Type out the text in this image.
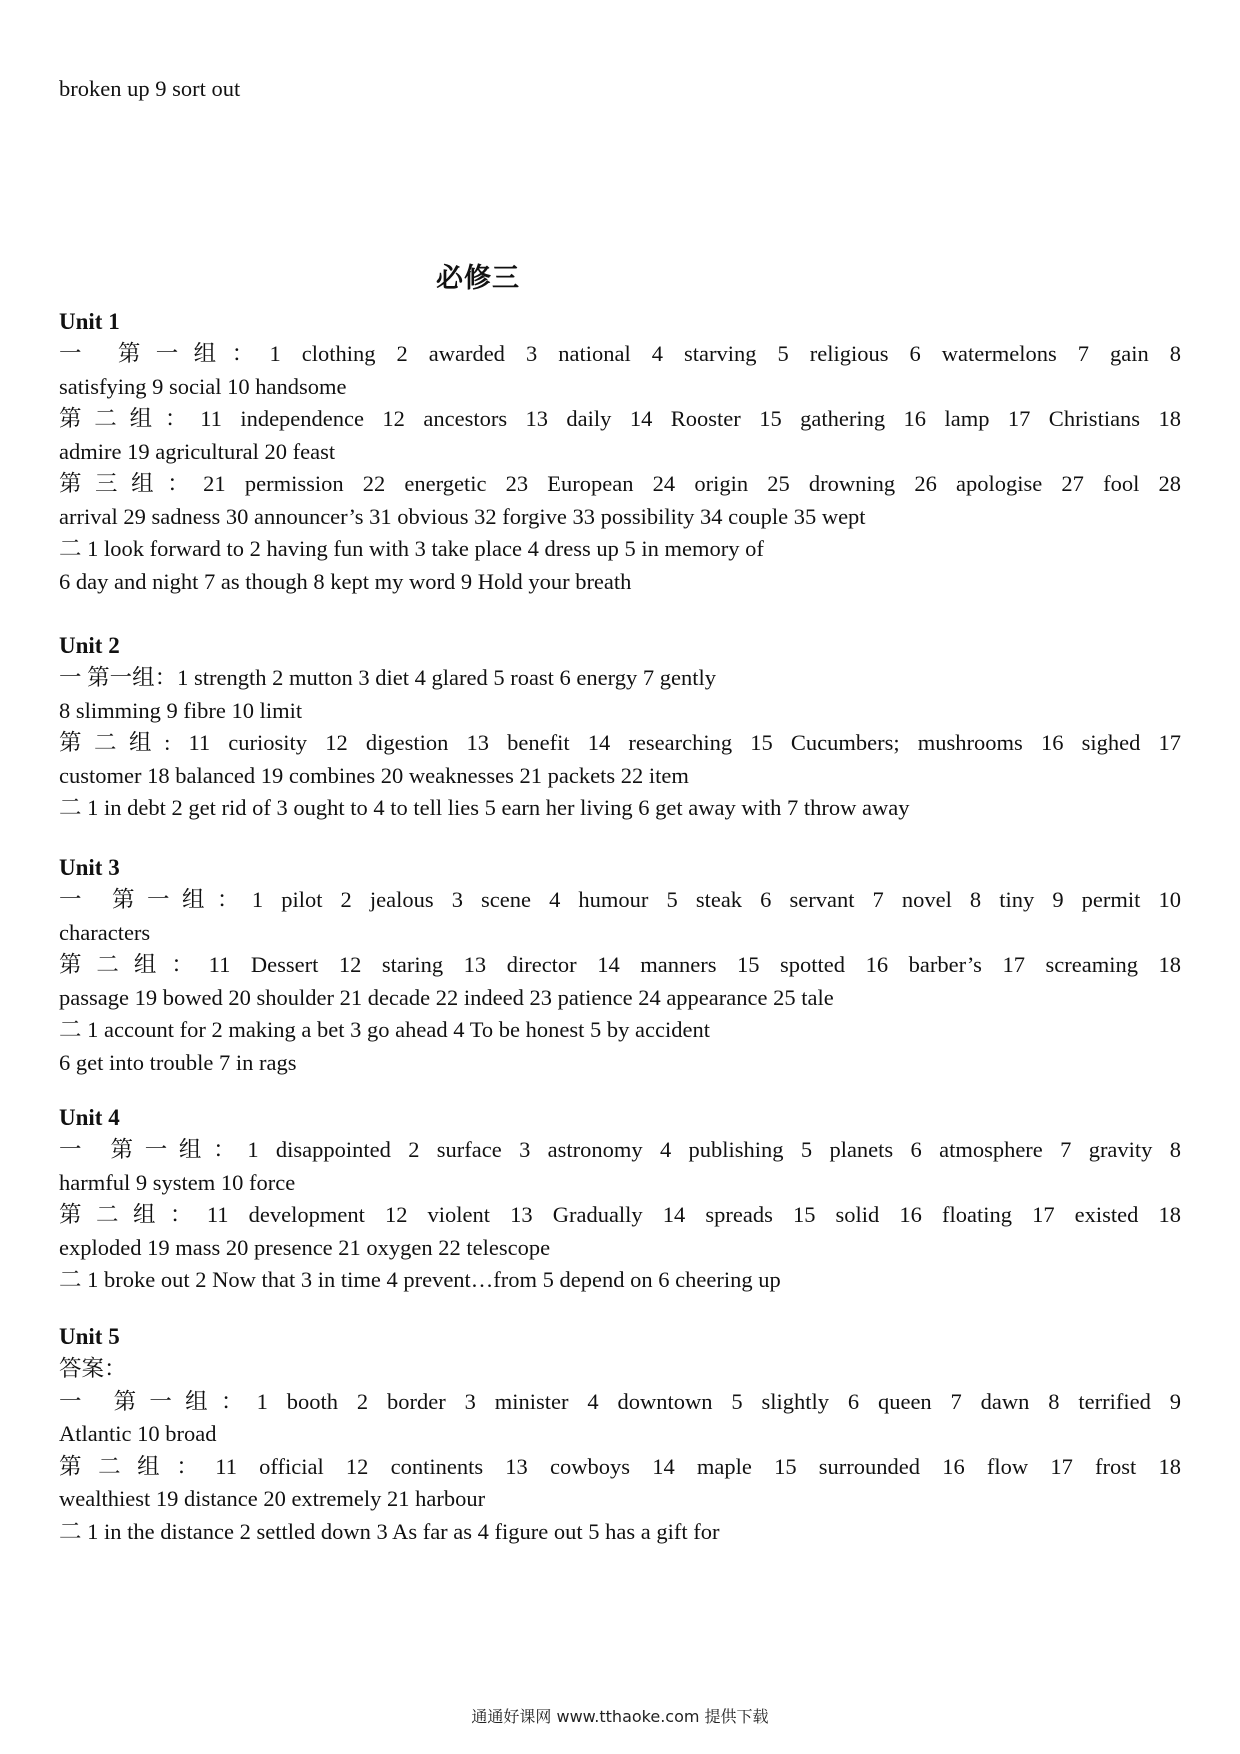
broken up 9 sort out
必修三
Unit 1
一 第一组：1 clothing 2 awarded 3 national 4 starving 5 religious 6 watermelons 7 gain 8
satisfying 9 social 10 handsome
第二组：11 independence 12 ancestors 13 daily 14 Rooster 15 gathering 16 lamp 17 Christians 18
admire 19 agricultural 20 feast
第三组：21 permission 22 energetic 23 European 24 origin 25 drowning 26 apologise 27 fool 28
arrival 29 sadness 30 announcer’s 31 obvious 32 forgive 33 possibility 34 couple 35 wept
二 1 look forward to 2 having fun with 3 take place 4 dress up 5 in memory of
6 day and night 7 as though 8 kept my word 9 Hold your breath
Unit 2
一 第一组：1 strength 2 mutton 3 diet 4 glared 5 roast 6 energy 7 gently
8 slimming 9 fibre 10 limit
第二组: 11 curiosity 12 digestion 13 benefit 14 researching 15 Cucumbers; mushrooms 16 sighed 17
customer 18 balanced 19 combines 20 weaknesses 21 packets 22 item
二 1 in debt 2 get rid of 3 ought to 4 to tell lies 5 earn her living 6 get away with 7 throw away
Unit 3
一 第一组：1 pilot 2 jealous 3 scene 4 humour 5 steak 6 servant 7 novel 8 tiny 9 permit 10
characters
第二组：11 Dessert 12 staring 13 director 14 manners 15 spotted 16 barber’s 17 screaming 18
passage 19 bowed 20 shoulder 21 decade 22 indeed 23 patience 24 appearance 25 tale
二 1 account for 2 making a bet 3 go ahead 4 To be honest 5 by accident
6 get into trouble 7 in rags
Unit 4
一 第一组：1 disappointed 2 surface 3 astronomy 4 publishing 5 planets 6 atmosphere 7 gravity 8
harmful 9 system 10 force
第二组：11 development 12 violent 13 Gradually 14 spreads 15 solid 16 floating 17 existed 18
exploded 19 mass 20 presence 21 oxygen 22 telescope
二 1 broke out 2 Now that 3 in time 4 prevent…from 5 depend on 6 cheering up
Unit 5
答案：
一 第一组：1 booth 2 border 3 minister 4 downtown 5 slightly 6 queen 7 dawn 8 terrified 9
Atlantic 10 broad
第二组：11 official 12 continents 13 cowboys 14 maple 15 surrounded 16 flow 17 frost 18
wealthiest 19 distance 20 extremely 21 harbour
二 1 in the distance 2 settled down 3 As far as 4 figure out 5 has a gift for
通通好课网 www.tthaoke.com 提供下载
